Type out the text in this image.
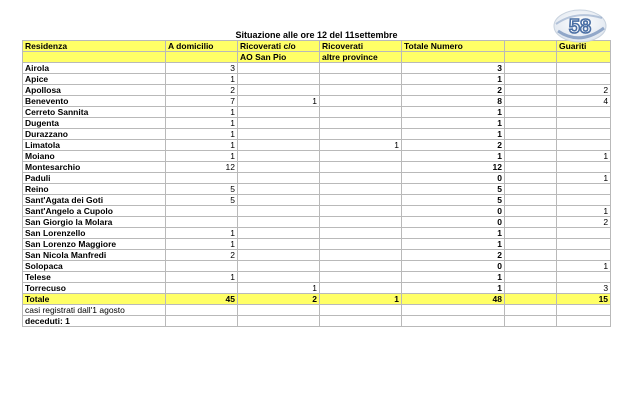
Situazione alle ore 12 del 11settembre						
Residenza	A domicilio	Ricoverati c/o	Ricoverati	Totale Numero		Guariti
		AO San Pio	altre province			
Airola	3			3		
Apice	1			1		
Apollosa	2			2		2
Benevento	7	1		8		4
Cerreto Sannita	1			1		
Dugenta	1			1		
Durazzano	1			1		
Limatola	1		1	2		
Moiano	1			1		1
Montesarchio	12			12		
Paduli				0		1
Reino	5			5		
Sant'Agata dei Goti	5			5		
Sant'Angelo a Cupolo				0		1
San Giorgio la Molara				0		2
San Lorenzello	1			1		
San Lorenzo Maggiore	1			1		
San Nicola Manfredi	2			2		
Solopaca				0		1
Telese	1			1		
Torrecuso		1		1		3
Totale	45	2	1	48		15
casi registrati dall'1 agosto						
deceduti: 1						
58
